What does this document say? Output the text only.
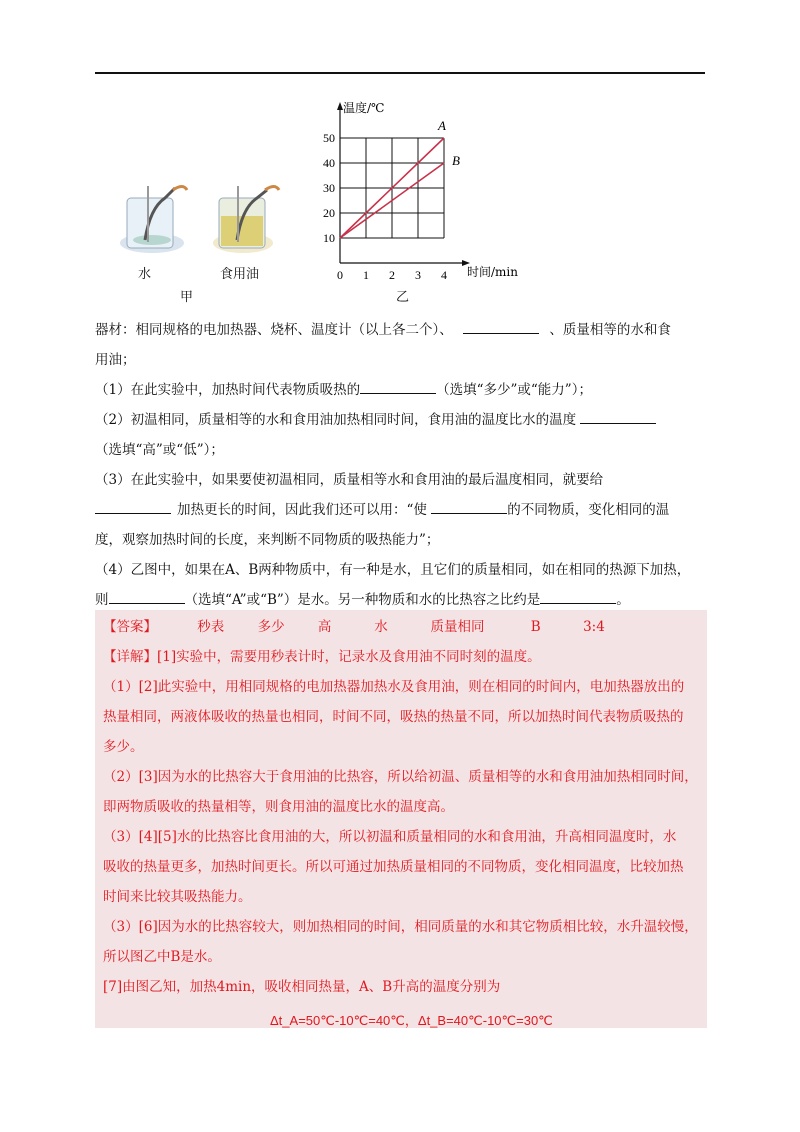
水	食用油
甲
0 1 2 3 4
10
20
30
40
50
温度/℃
时间/min
A
B
乙
器材：相同规格的电加热器、烧杯、温度计（以上各二个）、	、质量相等的水和食
用油；
（1）在此实验中，加热时间代表物质吸热的	（选填“多少”或“能力”）；
（2）初温相同，质量相等的水和食用油加热相同时间，食用油的温度比水的温度
（选填“高”或“低”）；
（3）在此实验中，如果要使初温相同，质量相等水和食用油的最后温度相同，就要给
加热更长的时间，因此我们还可以用：“使	的不同物质，变化相同的温
度，观察加热时间的长度，来判断不同物质的吸热能力”；
（4）乙图中，如果在A、B两种物质中，有一种是水，且它们的质量相同，如在相同的热源下加热，
则	（选填“A”或“B”）是水。另一种物质和水的比热容之比约是	。
【答案】	秒表 多少 高	水	质量相同	B	3:4
【详解】[1]实验中，需要用秒表计时，记录水及食用油不同时刻的温度。
（1）[2]此实验中，用相同规格的电加热器加热水及食用油，则在相同的时间内，电加热器放出的
热量相同，两液体吸收的热量也相同，时间不同，吸热的热量不同，所以加热时间代表物质吸热的
多少。
（2）[3]因为水的比热容大于食用油的比热容，所以给初温、质量相等的水和食用油加热相同时间，
即两物质吸收的热量相等，则食用油的温度比水的温度高。
（3）[4][5]水的比热容比食用油的大，所以初温和质量相同的水和食用油，升高相同温度时，水
吸收的热量更多，加热时间更长。所以可通过加热质量相同的不同物质，变化相同温度，比较加热
时间来比较其吸热能力。
（3）[6]因为水的比热容较大，则加热相同的时间，相同质量的水和其它物质相比较，水升温较慢，
所以图乙中B是水。
[7]由图乙知，加热4min，吸收相同热量，A、B升高的温度分别为
Δt_A=50℃-10℃=40℃，Δt_B=40℃-10℃=30℃
